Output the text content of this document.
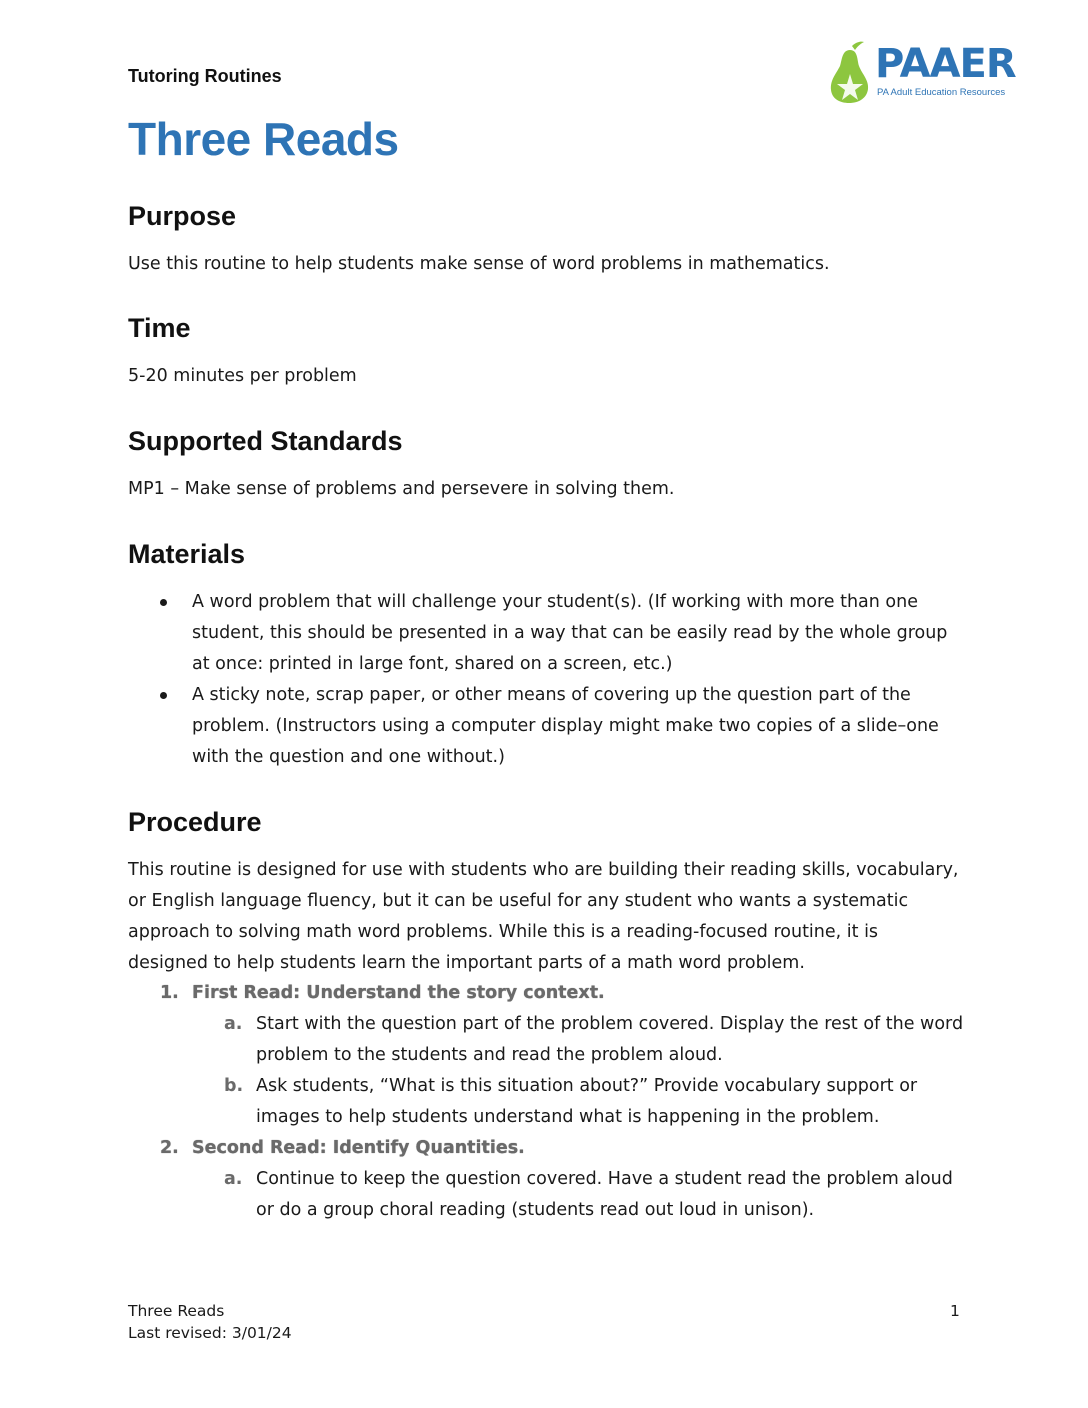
Tutoring Routines	PAAER
PA Adult Education Resources
Three Reads
Purpose

Use this routine to help students make sense of word problems in mathematics.

Time

5-20 minutes per problem

Supported Standards

MP1 – Make sense of problems and persevere in solving them.

Materials
A word problem that will challenge your student(s). (If working with more than one student, this should be presented in a way that can be easily read by the whole group at once: printed in large font, shared on a screen, etc.)
A sticky note, scrap paper, or other means of covering up the question part of the problem. (Instructors using a computer display might make two copies of a slide–one with the question and one without.)
Procedure

This routine is designed for use with students who are building their reading skills, vocabulary, or English language fluency, but it can be useful for any student who wants a systematic approach to solving math word problems. While this is a reading-focused routine, it is designed to help students learn the important parts of a math word problem.

1. First Read: Understand the story context.
a. Start with the question part of the problem covered. Display the rest of the word problem to the students and read the problem aloud.
b. Ask students, “What is this situation about?” Provide vocabulary support or images to help students understand what is happening in the problem.
2. Second Read: Identify Quantities.
a. Continue to keep the question covered. Have a student read the problem aloud or do a group choral reading (students read out loud in unison).
Three Reads
Last revised: 3/01/24
1
